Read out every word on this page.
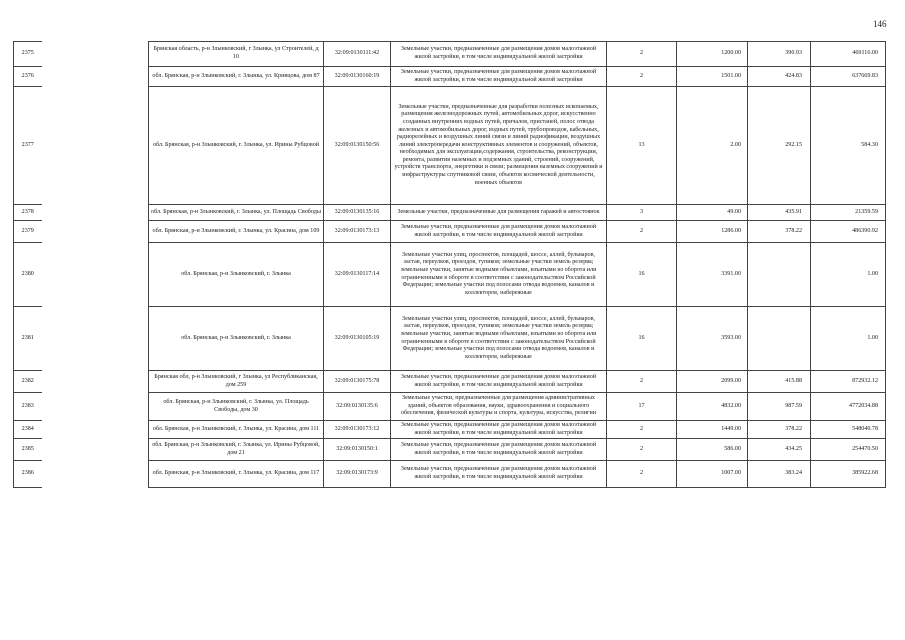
146
2375		Брянская область, р-н Злынковский, г Злынка, ул Строителей, д 10	32:09:0130111:42	Земельные участки, предназначенные для размещения домов малоэтажной жилой застройки, в том числе индивидуальной жилой застройки	2	1200.00	390.93	469116.00
2376		обл. Брянская, р-н Злынковский, г. Злынка, ул. Кривцова, дом 87	32:09:0130160:19	Земельные участки, предназначенные для размещения домов малоэтажной жилой застройки, в том числе индивидуальной жилой застройки	2	1501.00	424.83	637669.83
2377		обл. Брянская, р-н Злынковский, г. Злынка, ул. Ирины Рубцовой	32:09:0130150:56	Земельные участки, предназначенные для разработки полезных ископаемых, размещения железнодорожных путей, автомобильных дорог, искусственно созданных внутренних водных путей, причалов, пристаней, полос отвода железных и автомобильных дорог, водных путей, трубопроводов, кабельных, радиорелейных и воздушных линий связи и линий радиофикации, воздушных линий электропередачи конструктивных элементов и сооружений, объектов, необходимых для эксплуатации,содержания, строительства, реконструкции, ремонта, развития наземных и подземных зданий, строений, сооружений, устройств транспорта, энергетики и связи; размещения наземных сооружений и инфраструктуры спутниковой связи, объектов космической деятельности, военных объектов	13	2.00	292.15	584.30
2378		обл. Брянская, р-н Злынковский, г. Злынка, ул. Площадь Свободы	32:09:0130135:16	Земельные участки, предназначенные для размещения гаражей и автостоянок	3	49.00	435.91	21359.59
2379		обл. Брянская, р-н Злынковский, г. Злынка, ул. Красина, дом 109	32:09:0130173:13	Земельные участки, предназначенные для размещения домов малоэтажной жилой застройки, в том числе индивидуальной жилой застройки	2	1286.00	378.22	486390.92
2380		обл. Брянская, р-н Злынковский, г. Злынка	32:09:0130117:14	Земельные участки улиц, проспектов, площадей, шоссе, аллей, бульваров, застав, переулков, проездов, тупиков; земельные участки земель резерва; земельные участки, занятые водными объектами, изъятыми из оборота или ограниченными в обороте в соответствии с законодательством Российской Федерации; земельные участки под полосами отвода водоемов, каналов и коллекторов, набережные	16	3391.00		1.00
2381		обл. Брянская, р-н Злынковский, г. Злынка	32:09:0130105:19	Земельные участки улиц, проспектов, площадей, шоссе, аллей, бульваров, застав, переулков, проездов, тупиков; земельные участки земель резерва; земельные участки, занятые водными объектами, изъятыми из оборота или ограниченными в обороте в соответствии с законодательством Российской Федерации; земельные участки под полосами отвода водоемов, каналов и коллекторов, набережные	16	3593.00		1.00
2382		Брянская обл, р-н Злынковский, г Злынка, ул Республиканская, дом 259	32:09:0130175:78	Земельные участки, предназначенные для размещения домов малоэтажной жилой застройки, в том числе индивидуальной жилой застройки	2	2099.00	415.88	872932.12
2383		обл. Брянская, р-н Злынковский, г. Злынка, ул. Площадь Свободы, дом 30	32:09:0130135:6	Земельные участки, предназначенные для размещения административных зданий, объектов образования, науки, здравоохранения и социального обеспечения, физической культуры и спорта, культуры, искусства, религии	17	4832.00	987.59	4772034.88
2384		обл. Брянская, р-н Злынковский, г. Злынка, ул. Красина, дом 111	32:09:0130173:12	Земельные участки, предназначенные для размещения домов малоэтажной жилой застройки, в том числе индивидуальной жилой застройки	2	1449.00	378.22	548040.78
2385		обл. Брянская, р-н Злынковский, г. Злынка, ул. Ирины Рубцовой, дом 21	32:09:0130150:1	Земельные участки, предназначенные для размещения домов малоэтажной жилой застройки, в том числе индивидуальной жилой застройки	2	586.00	434.25	254470.50
2386		обл. Брянская, р-н Злынковский, г. Злынка, ул. Красина, дом 117	32:09:0130173:9	Земельные участки, предназначенные для размещения домов малоэтажной жилой застройки, в том числе индивидуальной жилой застройки	2	1007.00	383.24	385922.68
